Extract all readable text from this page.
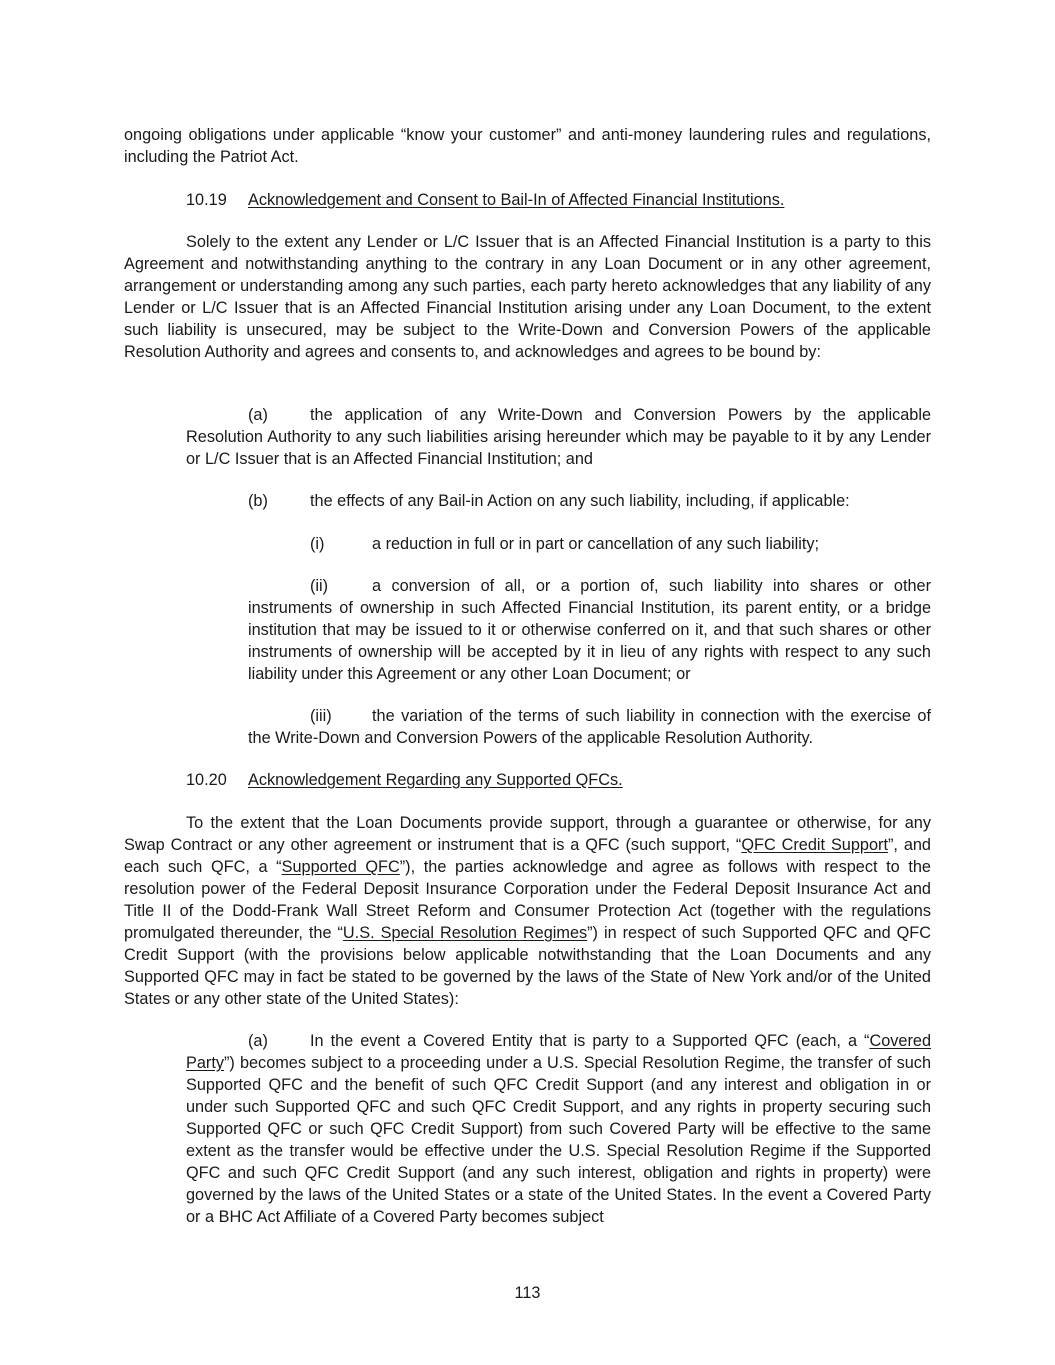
ongoing obligations under applicable “know your customer” and anti-money laundering rules and regulations, including the Patriot Act.

10.19 Acknowledgement and Consent to Bail-In of Affected Financial Institutions.

Solely to the extent any Lender or L/C Issuer that is an Affected Financial Institution is a party to this Agreement and notwithstanding anything to the contrary in any Loan Document or in any other agreement, arrangement or understanding among any such parties, each party hereto acknowledges that any liability of any Lender or L/C Issuer that is an Affected Financial Institution arising under any Loan Document, to the extent such liability is unsecured, may be subject to the Write-Down and Conversion Powers of the applicable Resolution Authority and agrees and consents to, and acknowledges and agrees to be bound by:

(a)	the application of any Write-Down and Conversion Powers by the applicable Resolution Authority to any such liabilities arising hereunder which may be payable to it by any Lender or L/C Issuer that is an Affected Financial Institution; and

(b)	the effects of any Bail-in Action on any such liability, including, if applicable:

(i)	a reduction in full or in part or cancellation of any such liability;

(ii)	a conversion of all, or a portion of, such liability into shares or other instruments of ownership in such Affected Financial Institution, its parent entity, or a bridge institution that may be issued to it or otherwise conferred on it, and that such shares or other instruments of ownership will be accepted by it in lieu of any rights with respect to any such liability under this Agreement or any other Loan Document; or

(iii) the variation of the terms of such liability in connection with the exercise of the Write-Down and Conversion Powers of the applicable Resolution Authority.

10.20 Acknowledgement Regarding any Supported QFCs.

To the extent that the Loan Documents provide support, through a guarantee or otherwise, for any Swap Contract or any other agreement or instrument that is a QFC (such support, “QFC Credit Support”, and each such QFC, a “Supported QFC”), the parties acknowledge and agree as follows with respect to the resolution power of the Federal Deposit Insurance Corporation under the Federal Deposit Insurance Act and Title II of the Dodd-Frank Wall Street Reform and Consumer Protection Act (together with the regulations promulgated thereunder, the “U.S. Special Resolution Regimes”) in respect of such Supported QFC and QFC Credit Support (with the provisions below applicable notwithstanding that the Loan Documents and any Supported QFC may in fact be stated to be governed by the laws of the State of New York and/or of the United States or any other state of the United States):

(a)	In the event a Covered Entity that is party to a Supported QFC (each, a “Covered Party”) becomes subject to a proceeding under a U.S. Special Resolution Regime, the transfer of such Supported QFC and the benefit of such QFC Credit Support (and any interest and obligation in or under such Supported QFC and such QFC Credit Support, and any rights in property securing such Supported QFC or such QFC Credit Support) from such Covered Party will be effective to the same extent as the transfer would be effective under the U.S. Special Resolution Regime if the Supported QFC and such QFC Credit Support (and any such interest, obligation and rights in property) were governed by the laws of the United States or a state of the United States. In the event a Covered Party or a BHC Act Affiliate of a Covered Party becomes subject

113
